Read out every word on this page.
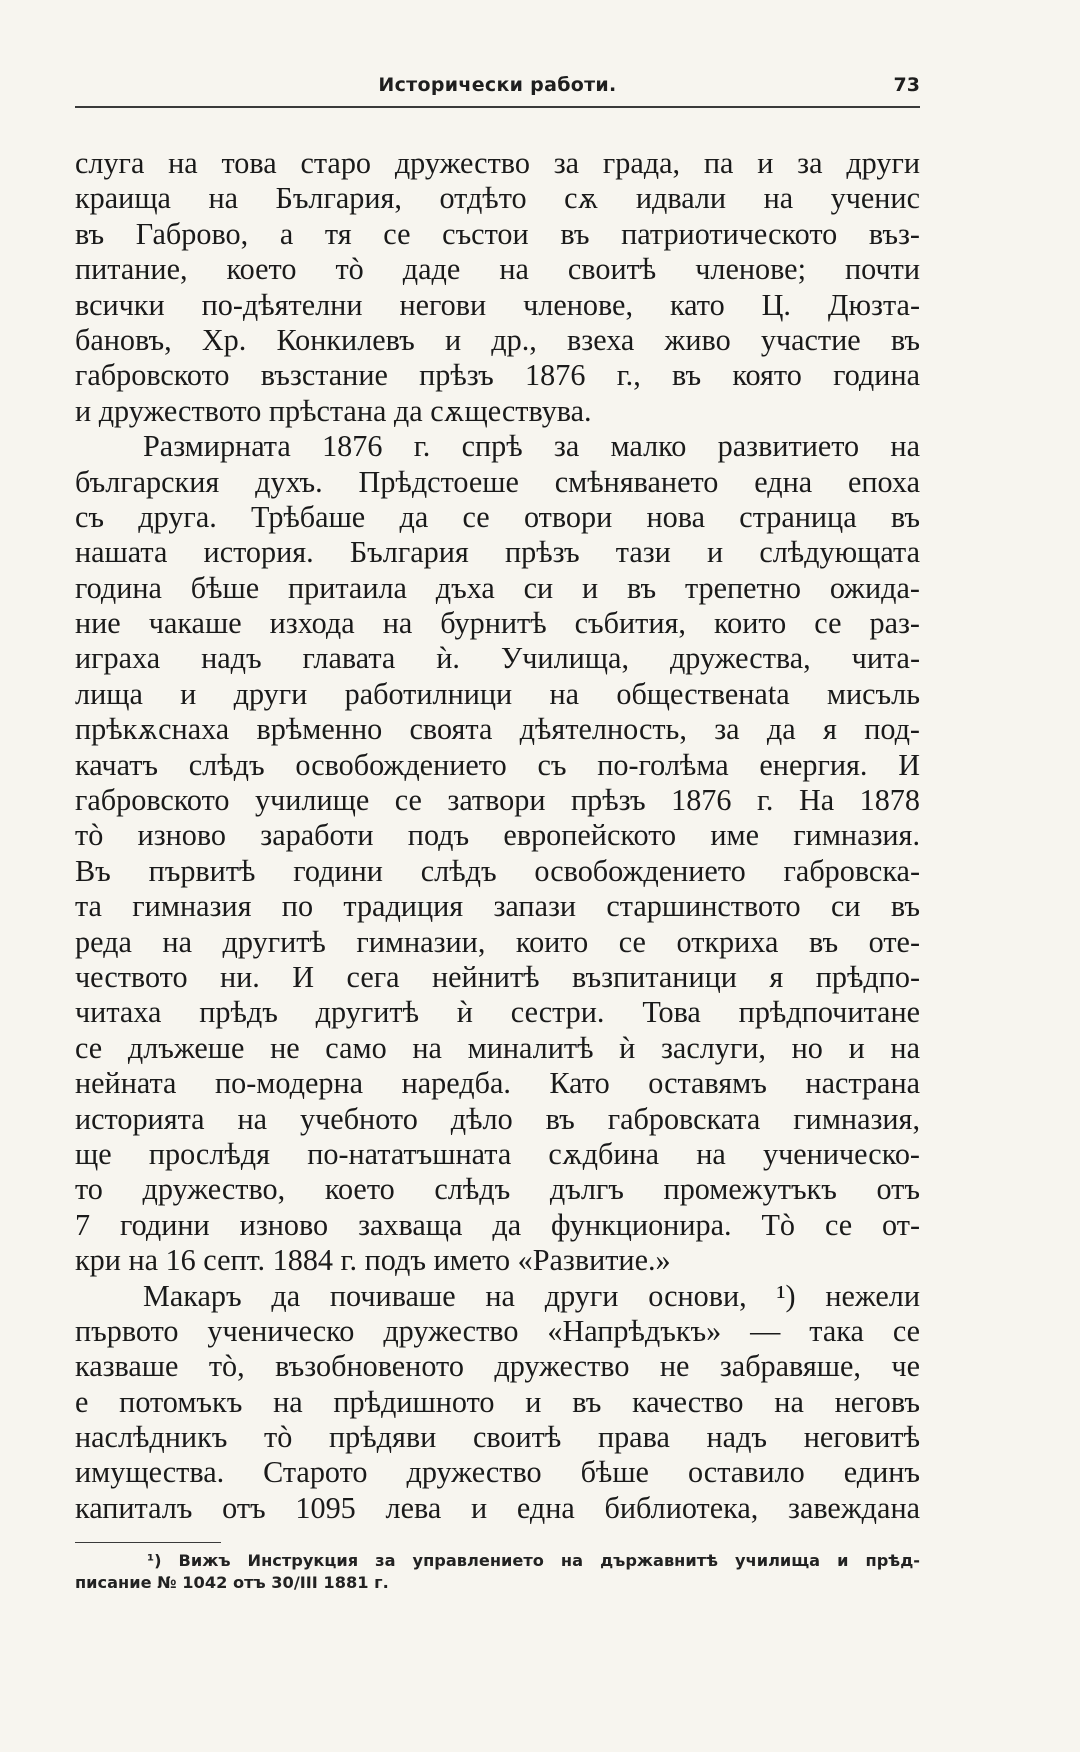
Исторически работи.	73
слуга на това старо дружество за града, па и за други
краища на България, отдѣто сѫ идвали на ученис
въ Габрово, а тя се състои въ патриотическото въз-
питание, което тò даде на своитѣ членове; почти
всички по-дѣятелни негови членове, като Ц. Дюзта-
бановъ, Хр. Конкилевъ и др., взеха живо участие въ
габровското възстание прѣзъ 1876 г., въ която година
и дружеството прѣстана да сѫществува.
Размирната 1876 г. спрѣ за малко развитието на
българския духъ. Прѣдстоеше смѣняването една епоха
съ друга. Трѣбаше да се отвори нова страница въ
нашата история. България прѣзъ тази и слѣдующата
година бѣше притаила дъха си и въ трепетно ожида-
ние чакаше изхода на бурнитѣ събития, които се раз-
играха надъ главата ѝ. Училища, дружества, чита-
лища и други работилници на общественаta мисъль
прѣкѫснаха врѣменно своята дѣятелность, за да я под-
качатъ слѣдъ освобождението съ по-голѣма енергия. И
габровското училище се затвори прѣзъ 1876 г. На 1878
тò изново заработи подъ европейското име гимназия.
Въ първитѣ години слѣдъ освобождението габровска-
та гимназия по традиция запази старшинството си въ
реда на другитѣ гимназии, които се откриха въ оте-
чеството ни. И сега нейнитѣ възпитаници я прѣдпо-
читаха прѣдъ другитѣ ѝ сестри. Това прѣдпочитане
се длъжеше не само на миналитѣ ѝ заслуги, но и на
нейната по-модерна наредба. Като оставямъ настрана
историята на учебното дѣло въ габровската гимназия,
ще прослѣдя по-нататъшната сѫдбина на ученическо-
то дружество, което слѣдъ дългъ промежутъкъ отъ
7 години изново захваща да функционира. Тò се от-
кри на 16 септ. 1884 г. подъ името «Развитие.»
Макаръ да почиваше на други основи, ¹) нежели
първото ученическо дружество «Напрѣдъкъ» — така се
казваше тò, възобновеното дружество не забравяше, че
е потомъкъ на прѣдишното и въ качество на неговъ
наслѣдникъ тò прѣдяви своитѣ права надъ неговитѣ
имущества. Старото дружество бѣше оставило единъ
капиталъ отъ 1095 лева и една библиотека, завеждана
¹) Вижъ Инструкция за управлението на държавнитѣ училища и прѣд-
писание № 1042 отъ 30/III 1881 г.
